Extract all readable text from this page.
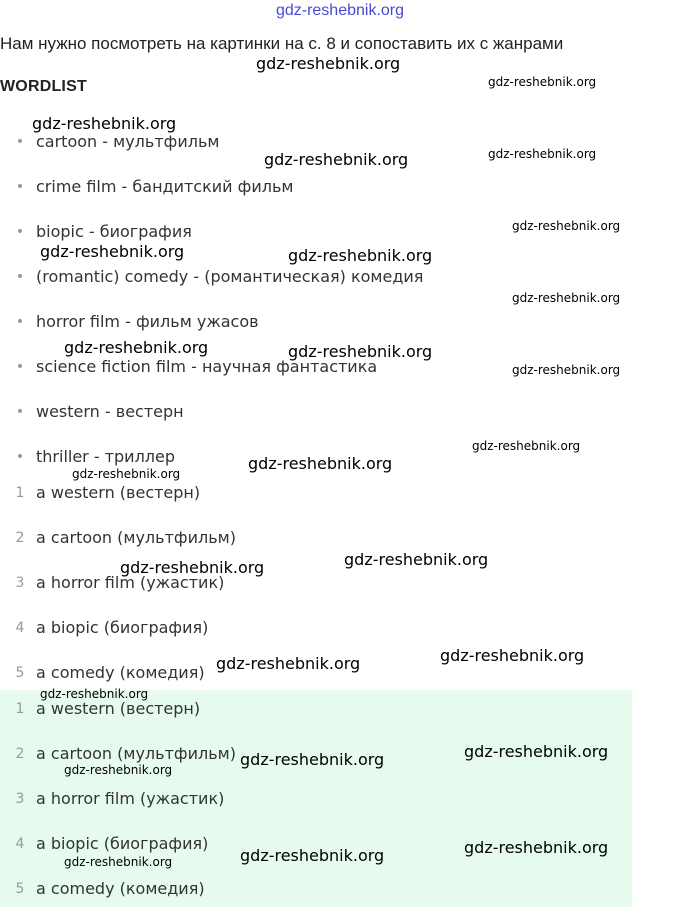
gdz-reshebnik.org
Нам нужно посмотреть на картинки на с. 8 и сопоставить их с жанрами
WORDLIST
• cartoon - мультфильм
• crime film - бандитский фильм
• biopic - биография
• (romantic) comedy - (романтическая) комедия
• horror film - фильм ужасов
• science fiction film - научная фантастика
• western - вестерн
• thriller - триллер
1 a western (вестерн)
2 a cartoon (мультфильм)
3 a horror film (ужастик)
4 a biopic (биография)
5 a comedy (комедия)
1 a western (вестерн)
2 a cartoon (мультфильм)
3 a horror film (ужастик)
4 a biopic (биография)
5 a comedy (комедия)
gdz-reshebnik.org
gdz-reshebnik.org
gdz-reshebnik.org
gdz-reshebnik.org	gdz-reshebnik.org
gdz-reshebnik.org
gdz-reshebnik.org	gdz-reshebnik.org
gdz-reshebnik.org
gdz-reshebnik.org	gdz-reshebnik.org
gdz-reshebnik.org
gdz-reshebnik.org
gdz-reshebnik.org
gdz-reshebnik.org
gdz-reshebnik.org
gdz-reshebnik.org
gdz-reshebnik.org
gdz-reshebnik.org
gdz-reshebnik.org
gdz-reshebnik.org
gdz-reshebnik.org
gdz-reshebnik.org
gdz-reshebnik.org
gdz-reshebnik.org
gdz-reshebnik.org
